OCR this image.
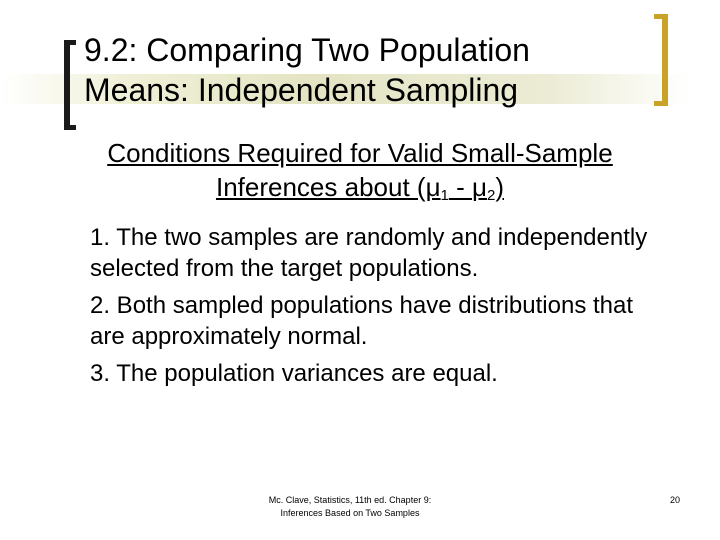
9.2: Comparing Two Population
Means: Independent Sampling
Conditions Required for Valid Small-Sample
Inferences about $(\mu_1 - \mu_2)$
1. The two samples are randomly and independently selected from the target populations.
2. Both sampled populations have distributions that are approximately normal.
3. The population variances are equal.
Mc. Clave, Statistics, 11th ed. Chapter 9:
Inferences Based on Two Samples
20
